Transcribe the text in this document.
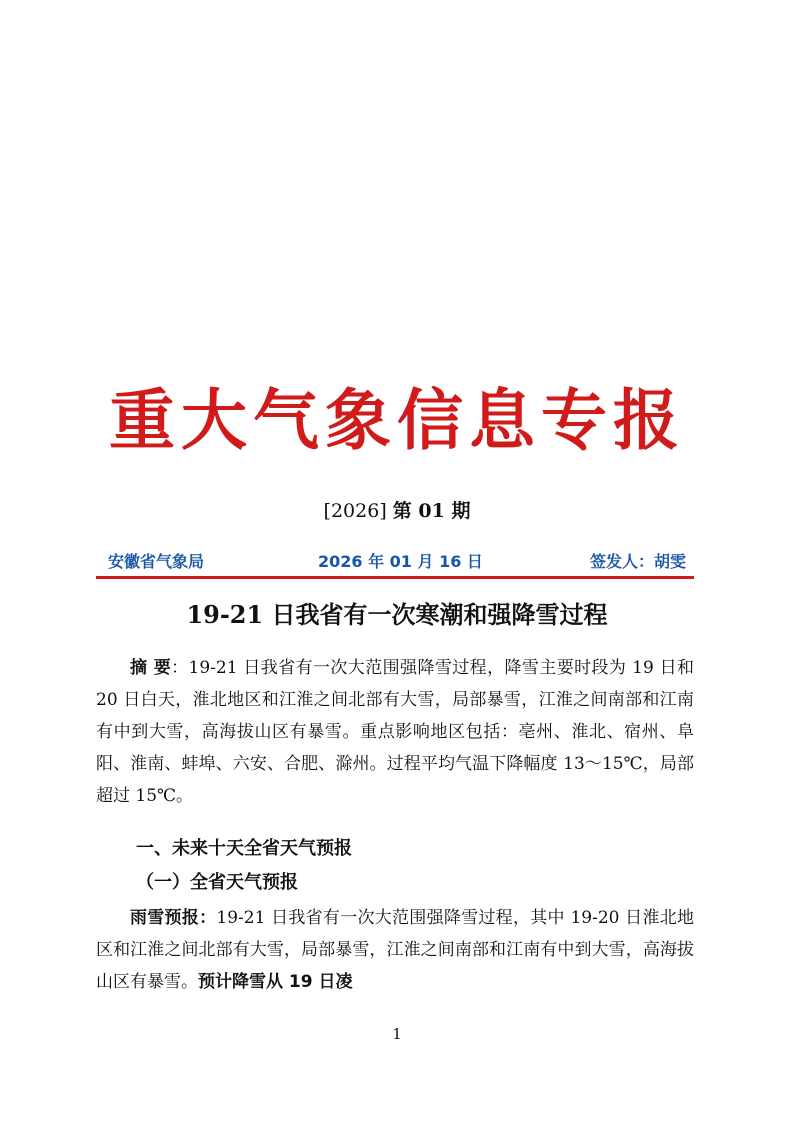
重大气象信息专报
[2026] 第 01 期
安徽省气象局	2026 年 01 月 16 日	签发人：胡雯
19-21 日我省有一次寒潮和强降雪过程

摘 要：19-21 日我省有一次大范围强降雪过程，降雪主要时段为 19 日和 20 日白天，淮北地区和江淮之间北部有大雪，局部暴雪，江淮之间南部和江南有中到大雪，高海拔山区有暴雪。重点影响地区包括：亳州、淮北、宿州、阜阳、淮南、蚌埠、六安、合肥、滁州。过程平均气温下降幅度 13～15℃，局部超过 15℃。

一、未来十天全省天气预报
（一）全省天气预报

雨雪预报：19-21 日我省有一次大范围强降雪过程，其中 19-20 日淮北地区和江淮之间北部有大雪，局部暴雪，江淮之间南部和江南有中到大雪，高海拔山区有暴雪。预计降雪从 19 日凌

1
